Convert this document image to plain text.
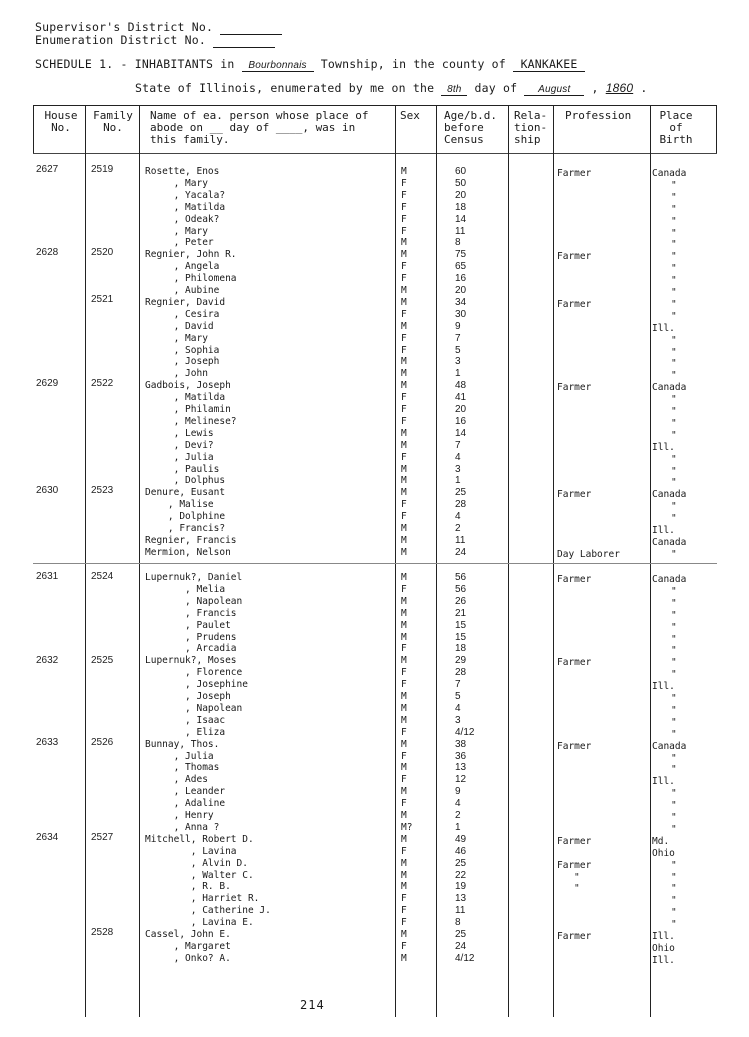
Supervisor's District No.
Enumeration District No.
SCHEDULE 1. - INHABITANTS in Bourbonnais Township, in the county of KANKAKEE
State of Illinois, enumerated by me on the 8th day of August , 1860 .
House
No.
Family
No.
Name of ea. person whose place of
abode on __ day of ____, was in
this family.
Sex Age/b.d.
before
Census
Rela-
tion-
ship
Profession	Place
of
Birth
2627
2628
2629
2630
2631
2632
2633
2634
2519
2520
2521
2522
2523
2524
2525
2526
2527
2528
Rosette, Enos	M	60	Farmer	Canada
, Mary	F	50	"
, Yacala?	F	20	"
, Matilda	F	18	"
, Odeak?	F	14	"
, Mary	F	11	"
, Peter	M	8	"
Regnier, John R.	M	75	Farmer	"
, Angela	F	65	"
, Philomena	F	16	"
, Aubine	M	20	"
Regnier, David	M	34	Farmer	"
, Cesira	F	30	"
, David	M	9	Ill.
, Mary	F	7	"
, Sophia	F	5	"
, Joseph	M	3	"
, John	M	1	"
Gadbois, Joseph	M	48	Farmer	Canada
, Matilda	F	41	"
, Philamin	F	20	"
, Melinese?	F	16	"
, Lewis	M	14	"
, Devi?	M	7	Ill.
, Julia	F	4	"
, Paulis	M	3	"
, Dolphus	M	1	"
Denure, Eusant	M	25	Farmer	Canada
, Malise	F	28	"
, Dolphine	F	4	"
, Francis?	M	2	Ill.
Regnier, Francis	M	11	Canada
Mermion, Nelson	M	24	Day Laborer	"
Lupernuk?, Daniel	M	56	Farmer	Canada
, Melia	F	56	"
, Napolean	M	26	"
, Francis	M	21	"
, Paulet	M	15	"
, Prudens	M	15	"
, Arcadia	F	18	"
Lupernuk?, Moses	M	29	Farmer	"
, Florence	F	28	"
, Josephine	F	7	Ill.
, Joseph	M	5	"
, Napolean	M	4	"
, Isaac	M	3	"
, Eliza	F	4/12	"
Bunnay, Thos.	M	38	Farmer	Canada
, Julia	F	36	"
, Thomas	M	13	"
, Ades	F	12	Ill.
, Leander	M	9	"
, Adaline	F	4	"
, Henry	M	2	"
, Anna ?	M?	1	"
Mitchell, Robert D.	M	49	Farmer	Md.
, Lavina	F	46	Ohio
, Alvin D.	M	25	Farmer	"
, Walter C.	M	22	"	"
, R. B.	M	19	"	"
, Harriet R.	F	13	"
, Catherine J.	F	11	"
, Lavina E.	F	8	"
Cassel, John E.	M	25	Farmer	Ill.
, Margaret	F	24	Ohio
, Onko? A.	M	4/12	Ill.
214
